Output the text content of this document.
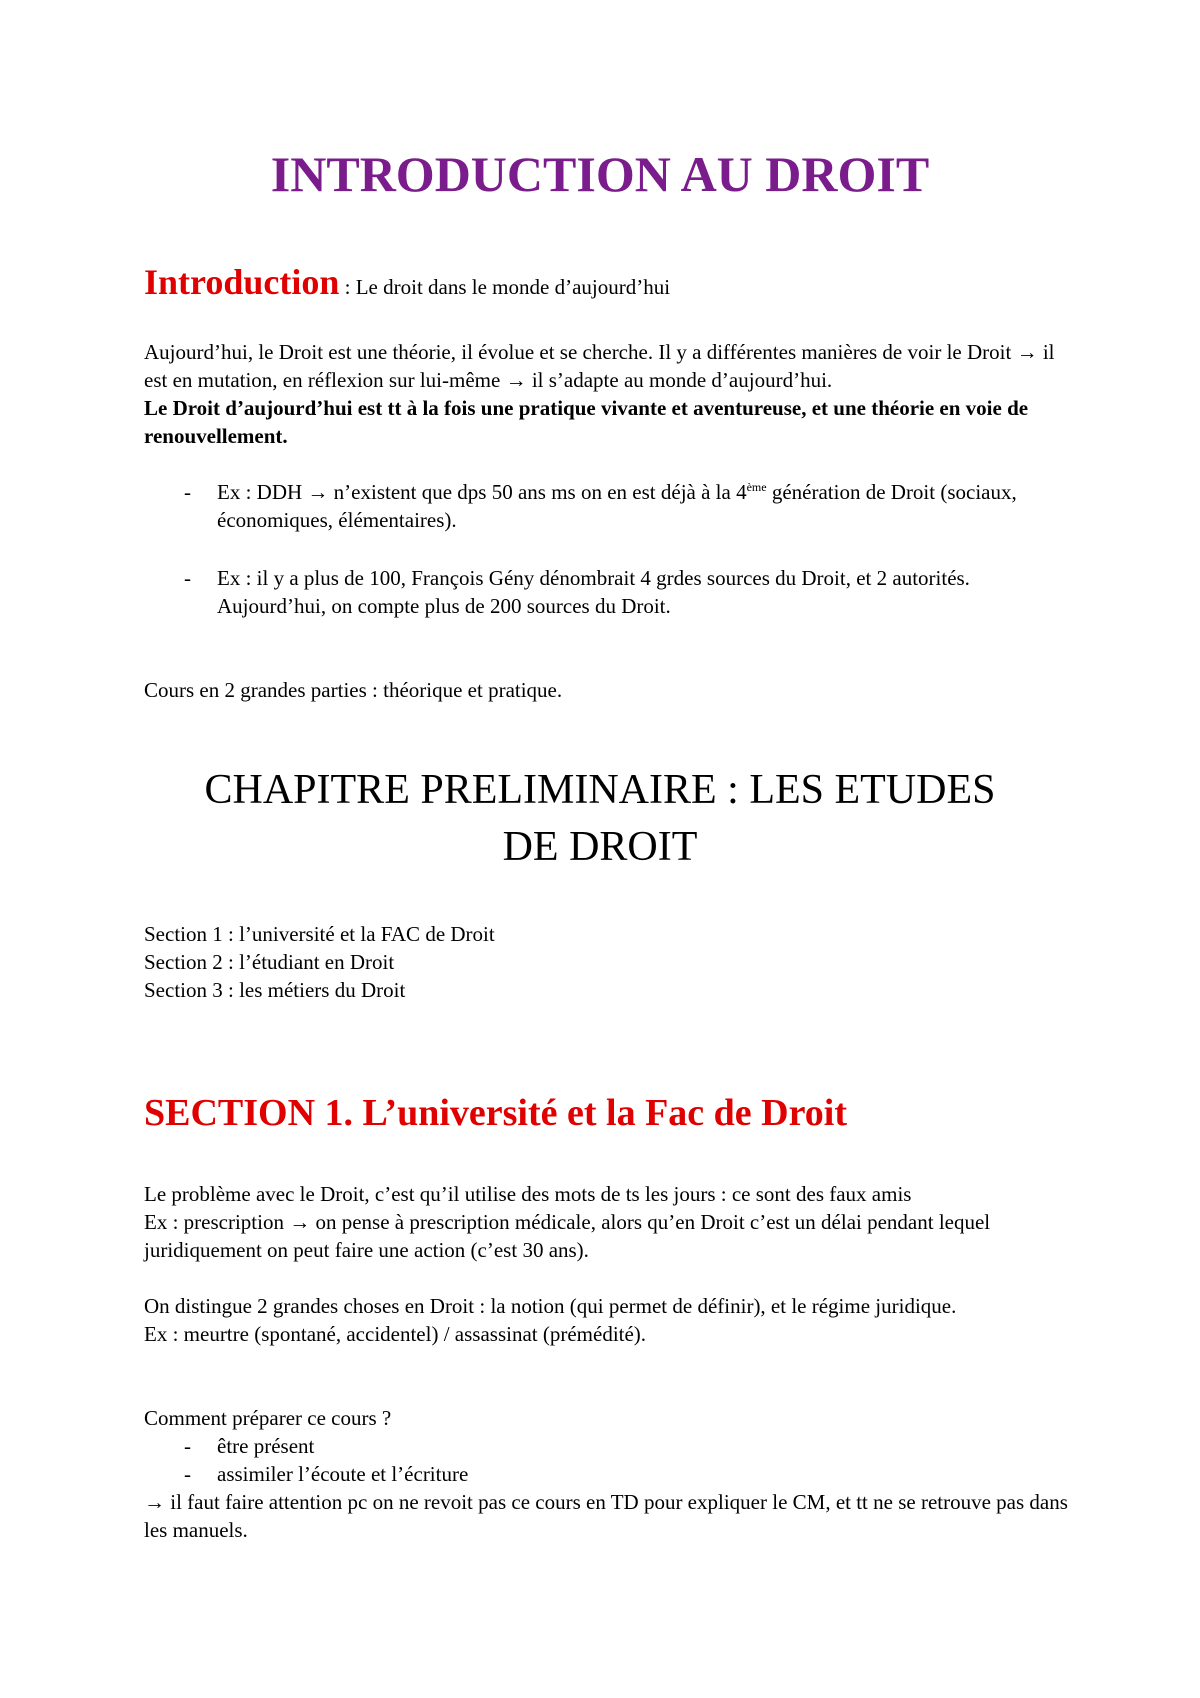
INTRODUCTION AU DROIT
Introduction : Le droit dans le monde d’aujourd’hui
Aujourd’hui, le Droit est une théorie, il évolue et se cherche. Il y a différentes manières de voir le Droit → il est en mutation, en réflexion sur lui-même → il s’adapte au monde d’aujourd’hui.
Le Droit d’aujourd’hui est tt à la fois une pratique vivante et aventureuse, et une théorie en voie de renouvellement.
- Ex : DDH → n’existent que dps 50 ans ms on en est déjà à la 4ème génération de Droit (sociaux, économiques, élémentaires).
- Ex : il y a plus de 100, François Gény dénombrait 4 grdes sources du Droit, et 2 autorités. Aujourd’hui, on compte plus de 200 sources du Droit.
Cours en 2 grandes parties : théorique et pratique.
Section 1 : l’université et la FAC de Droit
Section 2 : l’étudiant en Droit
Section 3 : les métiers du Droit
Le problème avec le Droit, c’est qu’il utilise des mots de ts les jours : ce sont des faux amis
Ex : prescription → on pense à prescription médicale, alors qu’en Droit c’est un délai pendant lequel juridiquement on peut faire une action (c’est 30 ans).
On distingue 2 grandes choses en Droit : la notion (qui permet de définir), et le régime juridique.
Ex : meurtre (spontané, accidentel) / assassinat (prémédité).
Comment préparer ce cours ?
- être présent
- assimiler l’écoute et l’écriture
→ il faut faire attention pc on ne revoit pas ce cours en TD pour expliquer le CM, et tt ne se retrouve pas dans les manuels.
CHAPITRE PRELIMINAIRE : LES ETUDES
DE DROIT
SECTION 1. L’université et la Fac de Droit
